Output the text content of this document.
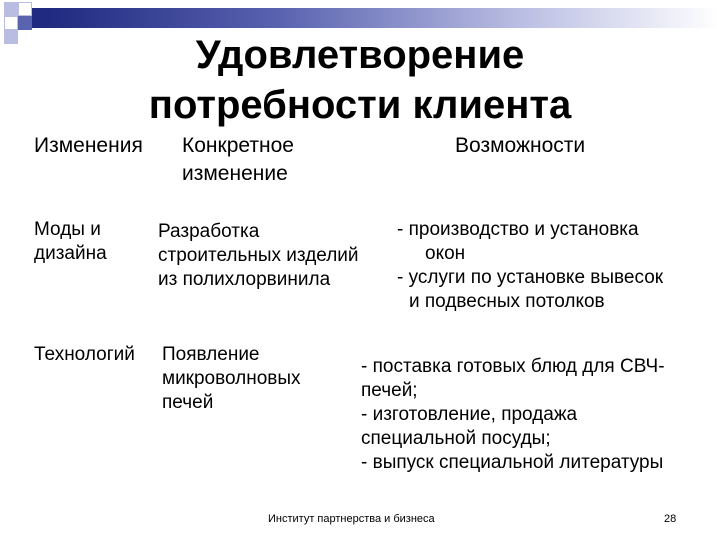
Удовлетворение
потребности клиента
Изменения Конкретное
изменение
Возможности
Моды и
дизайна
Разработка
строительных изделий
из полихлорвинила
- производство и установка
окон
- услуги по установке вывесок
и подвесных потолков
Технологий Появление
микроволновых
печей
- поставка готовых блюд для СВЧ-
печей;
- изготовление, продажа
специальной посуды;
- выпуск специальной литературы
Институт партнерства и бизнеса	28
